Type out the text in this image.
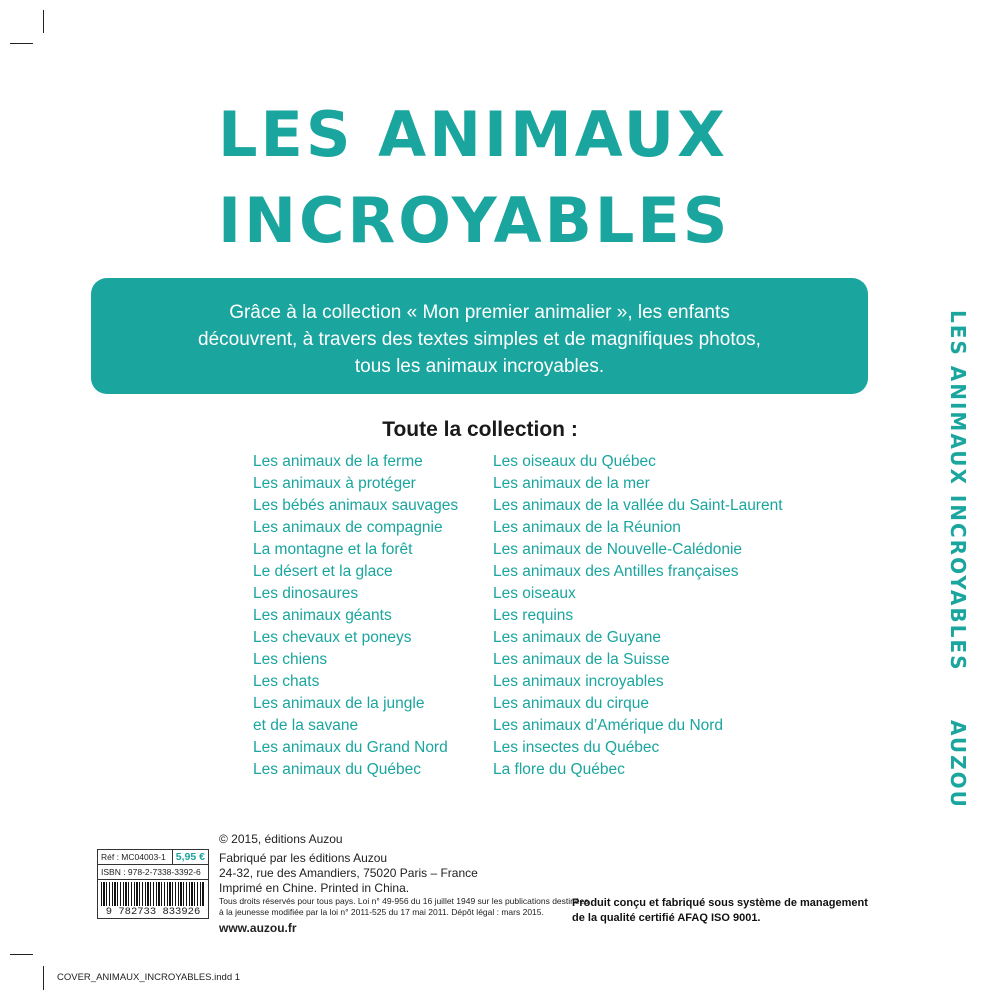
LES ANIMAUX
INCROYABLES
Grâce à la collection « Mon premier animalier », les enfants
découvrent, à travers des textes simples et de magnifiques photos,
tous les animaux incroyables.
Toute la collection :
Les animaux de la ferme
Les animaux à protéger
Les bébés animaux sauvages
Les animaux de compagnie
La montagne et la forêt
Le désert et la glace
Les dinosaures
Les animaux géants
Les chevaux et poneys
Les chiens
Les chats
Les animaux de la jungle
et de la savane
Les animaux du Grand Nord
Les animaux du Québec
Les oiseaux du Québec
Les animaux de la mer
Les animaux de la vallée du Saint-Laurent
Les animaux de la Réunion
Les animaux de Nouvelle-Calédonie
Les animaux des Antilles françaises
Les oiseaux
Les requins
Les animaux de Guyane
Les animaux de la Suisse
Les animaux incroyables
Les animaux du cirque
Les animaux d’Amérique du Nord
Les insectes du Québec
La flore du Québec
LES ANIMAUX INCROYABLES
AUZOU
Réf : MC04003-1 5,95 €
ISBN : 978-2-7338-3392-6
9 782733 833926
© 2015, éditions Auzou
Fabriqué par les éditions Auzou
24-32, rue des Amandiers, 75020 Paris – France
Imprimé en Chine. Printed in China.
Tous droits réservés pour tous pays. Loi n° 49-956 du 16 juillet 1949 sur les publications destinées
à la jeunesse modifiée par la loi n° 2011-525 du 17 mai 2011. Dépôt légal : mars 2015.
www.auzou.fr
Produit conçu et fabriqué sous système de management
de la qualité certifié AFAQ ISO 9001.
COVER_ANIMAUX_INCROYABLES.indd 1
